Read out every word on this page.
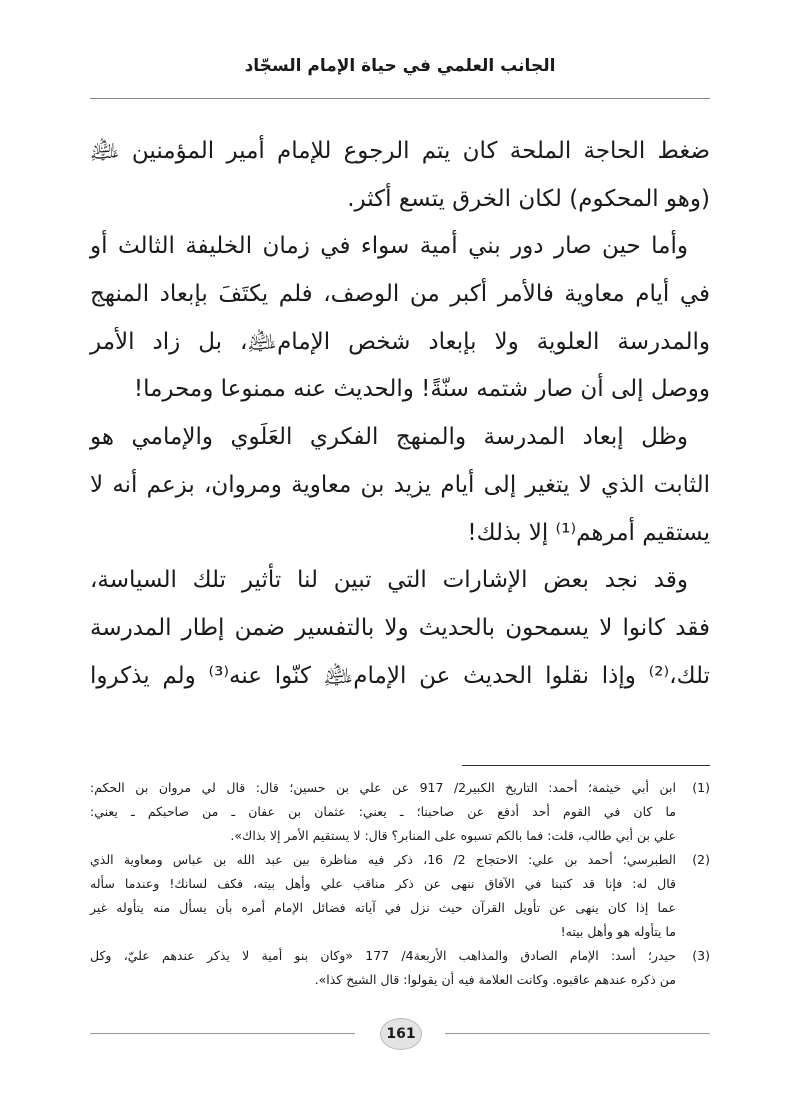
الجانب العلمي في حياة الإمام السجّاد
ضغط الحاجة الملحة كان يتم الرجوع للإمام أمير المؤمنين ﵇
(وهو المحكوم) لكان الخرق يتسع أكثر.
وأما حين صار دور بني أمية سواء في زمان الخليفة الثالث أو
في أيام معاوية فالأمر أكبر من الوصف، فلم يكتَفَ بإبعاد المنهج
والمدرسة العلوية ولا بإبعاد شخص الإمام﵇، بل زاد الأمر
ووصل إلى أن صار شتمه سنّةً! والحديث عنه ممنوعا ومحرما!
وظل إبعاد المدرسة والمنهج الفكري العَلَوي والإمامي هو
الثابت الذي لا يتغير إلى أيام يزيد بن معاوية ومروان، بزعم أنه لا
يستقيم أمرهم⁽¹⁾ إلا بذلك!
وقد نجد بعض الإشارات التي تبين لنا تأثير تلك السياسة،
فقد كانوا لا يسمحون بالحديث ولا بالتفسير ضمن إطار المدرسة
تلك،⁽²⁾ وإذا نقلوا الحديث عن الإمام﵇ كنّوا عنه⁽³⁾ ولم يذكروا
(1)
ابن أبي خيثمة؛ أحمد: التاريخ الكبير2/ 917 عن علي بن حسين؛ قال: قال لي مروان بن الحكم:
ما كان في القوم أحد أدفع عن صاحبنا؛ ـ يعني: عثمان بن عفان ـ من صاحبكم ـ يعني:
علي بن أبي طالب، قلت: فما بالكم تسبوه على المنابر؟ قال: لا يستقيم الأمر إلا بذاك».
(2)
الطبرسي؛ أحمد بن علي: الاحتجاج 2/ 16، ذكر فيه مناظرة بين عبد الله بن عباس ومعاوية الذي
قال له: فإنا قد كتبنا في الآفاق ننهى عن ذكر مناقب علي وأهل بيته، فكف لسانك! وعندما سأله
عما إذا كان ينهى عن تأويل القرآن حيث نزل في آياته فضائل الإمام أمره بأن يسأل منه يتأوله غير
ما يتأوله هو وأهل بيته!
(3)
حيدر؛ أسد: الإمام الصادق والمذاهب الأربعة4/ 177 «وكان بنو أمية لا يذكر عندهم عليّ، وكل
من ذكره عندهم عاقبوه. وكانت العلامة فيه أن يقولوا: قال الشيخ كذا».
161
